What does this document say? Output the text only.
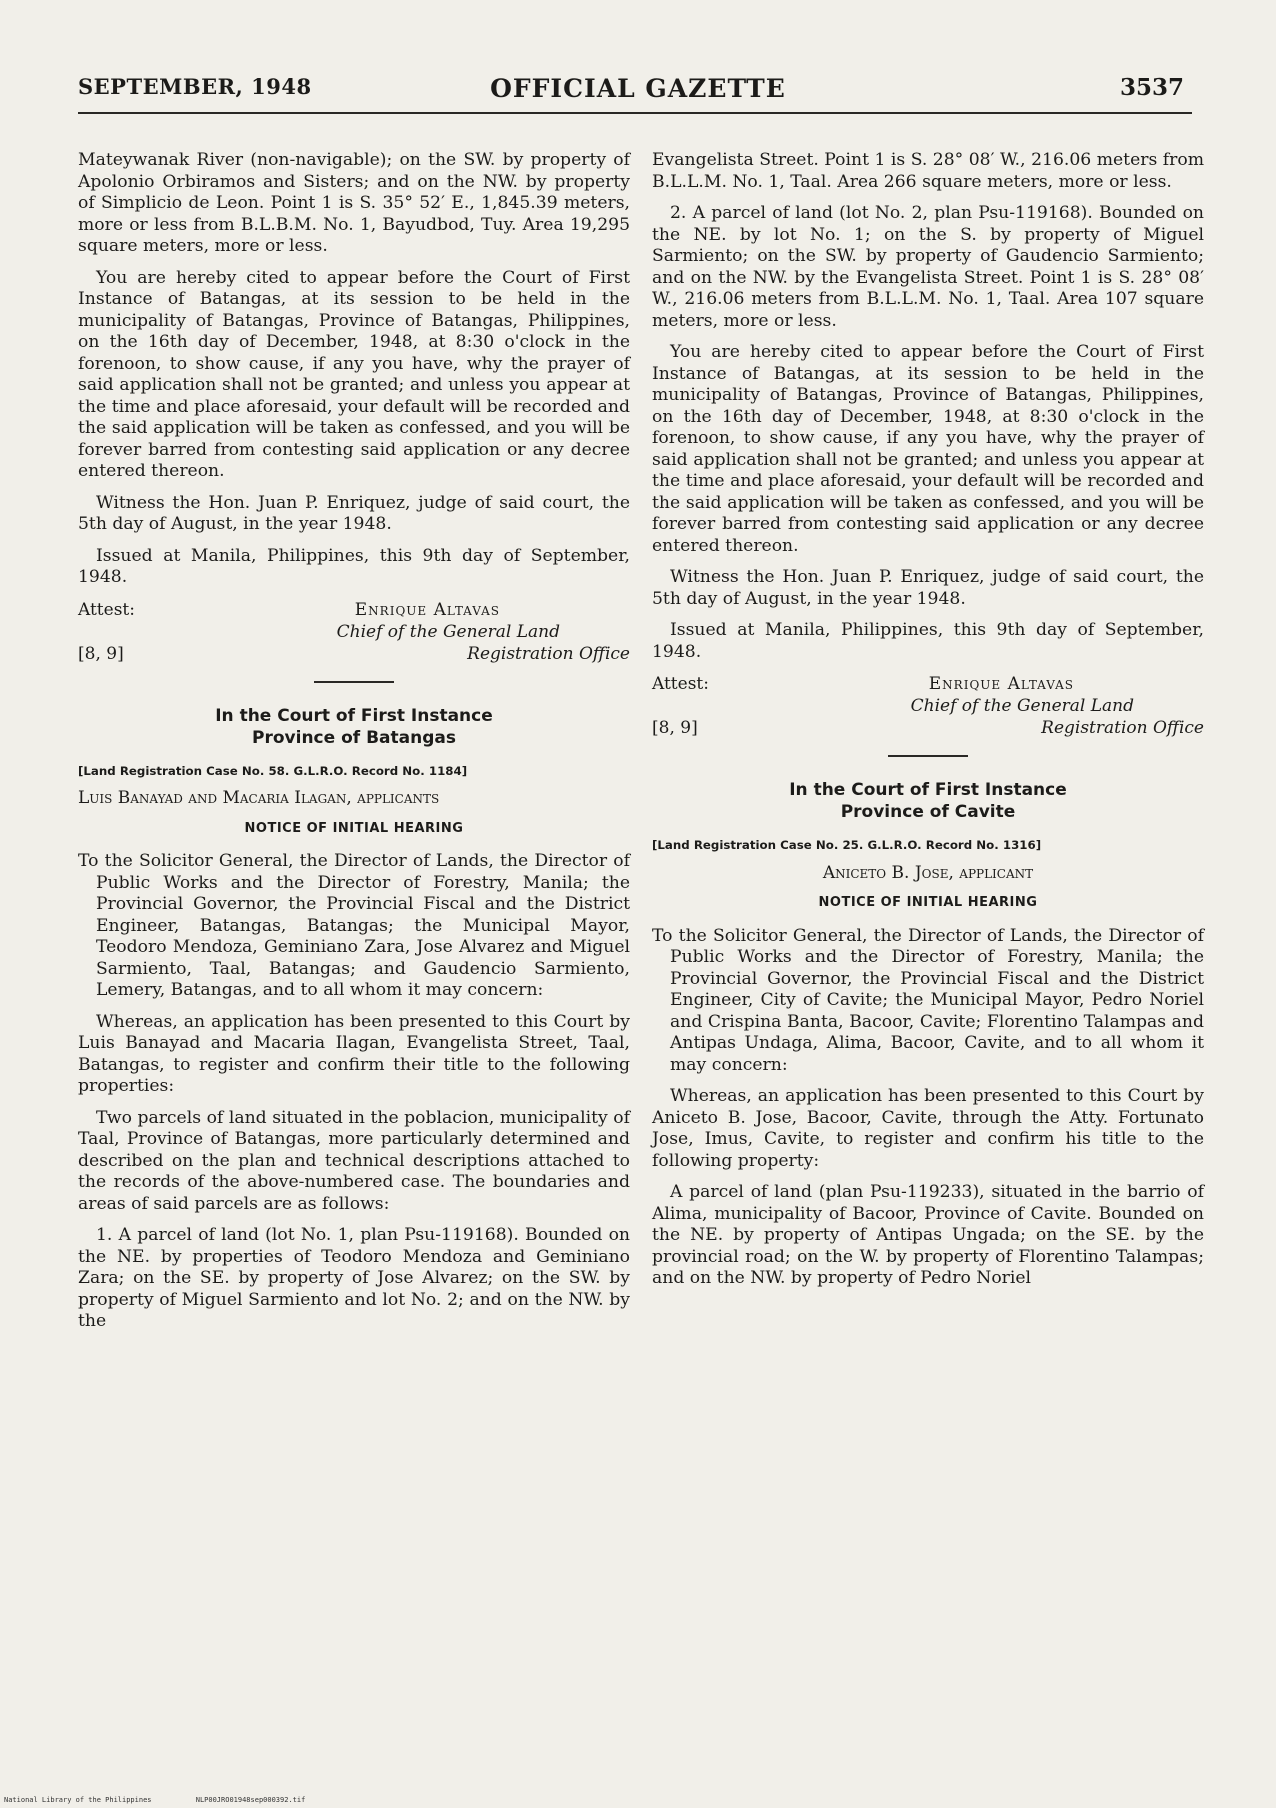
SEPTEMBER, 1948	OFFICIAL GAZETTE	3537

Mateywanak River (non-navigable); on the SW. by property of Apolonio Orbiramos and Sisters; and on the NW. by property of Simplicio de Leon. Point 1 is S. 35° 52′ E., 1,845.39 meters, more or less from B.L.B.M. No. 1, Bayudbod, Tuy. Area 19,295 square meters, more or less.

You are hereby cited to appear before the Court of First Instance of Batangas, at its session to be held in the municipality of Batangas, Province of Batangas, Philippines, on the 16th day of December, 1948, at 8:30 o'clock in the forenoon, to show cause, if any you have, why the prayer of said application shall not be granted; and unless you appear at the time and place aforesaid, your default will be recorded and the said application will be taken as confessed, and you will be forever barred from contesting said application or any decree entered thereon.

Witness the Hon. Juan P. Enriquez, judge of said court, the 5th day of August, in the year 1948.

Issued at Manila, Philippines, this 9th day of September, 1948.

Attest:	Enrique Altavas
Chief of the General Land
[8, 9]	Registration Office
In the Court of First Instance
Province of Batangas
[Land Registration Case No. 58. G.L.R.O. Record No. 1184]
Luis Banayad and Macaria Ilagan, applicants
NOTICE OF INITIAL HEARING

To the Solicitor General, the Director of Lands, the Director of Public Works and the Director of Forestry, Manila; the Provincial Governor, the Provincial Fiscal and the District Engineer, Batangas, Batangas; the Municipal Mayor, Teodoro Mendoza, Geminiano Zara, Jose Alvarez and Miguel Sarmiento, Taal, Batangas; and Gaudencio Sarmiento, Lemery, Batangas, and to all whom it may concern:

Whereas, an application has been presented to this Court by Luis Banayad and Macaria Ilagan, Evangelista Street, Taal, Batangas, to register and confirm their title to the following properties:

Two parcels of land situated in the poblacion, municipality of Taal, Province of Batangas, more particularly determined and described on the plan and technical descriptions attached to the records of the above-numbered case. The boundaries and areas of said parcels are as follows:

1. A parcel of land (lot No. 1, plan Psu-119168). Bounded on the NE. by properties of Teodoro Mendoza and Geminiano Zara; on the SE. by property of Jose Alvarez; on the SW. by property of Miguel Sarmiento and lot No. 2; and on the NW. by the

Evangelista Street. Point 1 is S. 28° 08′ W., 216.06 meters from B.L.L.M. No. 1, Taal. Area 266 square meters, more or less.

2. A parcel of land (lot No. 2, plan Psu-119168). Bounded on the NE. by lot No. 1; on the S. by property of Miguel Sarmiento; on the SW. by property of Gaudencio Sarmiento; and on the NW. by the Evangelista Street. Point 1 is S. 28° 08′ W., 216.06 meters from B.L.L.M. No. 1, Taal. Area 107 square meters, more or less.

You are hereby cited to appear before the Court of First Instance of Batangas, at its session to be held in the municipality of Batangas, Province of Batangas, Philippines, on the 16th day of December, 1948, at 8:30 o'clock in the forenoon, to show cause, if any you have, why the prayer of said application shall not be granted; and unless you appear at the time and place aforesaid, your default will be recorded and the said application will be taken as confessed, and you will be forever barred from contesting said application or any decree entered thereon.

Witness the Hon. Juan P. Enriquez, judge of said court, the 5th day of August, in the year 1948.

Issued at Manila, Philippines, this 9th day of September, 1948.

Attest:	Enrique Altavas
Chief of the General Land
[8, 9]	Registration Office
In the Court of First Instance
Province of Cavite
[Land Registration Case No. 25. G.L.R.O. Record No. 1316]
Aniceto B. Jose, applicant
NOTICE OF INITIAL HEARING

To the Solicitor General, the Director of Lands, the Director of Public Works and the Director of Forestry, Manila; the Provincial Governor, the Provincial Fiscal and the District Engineer, City of Cavite; the Municipal Mayor, Pedro Noriel and Crispina Banta, Bacoor, Cavite; Florentino Talampas and Antipas Undaga, Alima, Bacoor, Cavite, and to all whom it may concern:

Whereas, an application has been presented to this Court by Aniceto B. Jose, Bacoor, Cavite, through the Atty. Fortunato Jose, Imus, Cavite, to register and confirm his title to the following property:

A parcel of land (plan Psu-119233), situated in the barrio of Alima, municipality of Bacoor, Province of Cavite. Bounded on the NE. by property of Antipas Ungada; on the SE. by the provincial road; on the W. by property of Florentino Talampas; and on the NW. by property of Pedro Noriel

National Library of the Philippines	NLP00JRO01948sep000392.tif
